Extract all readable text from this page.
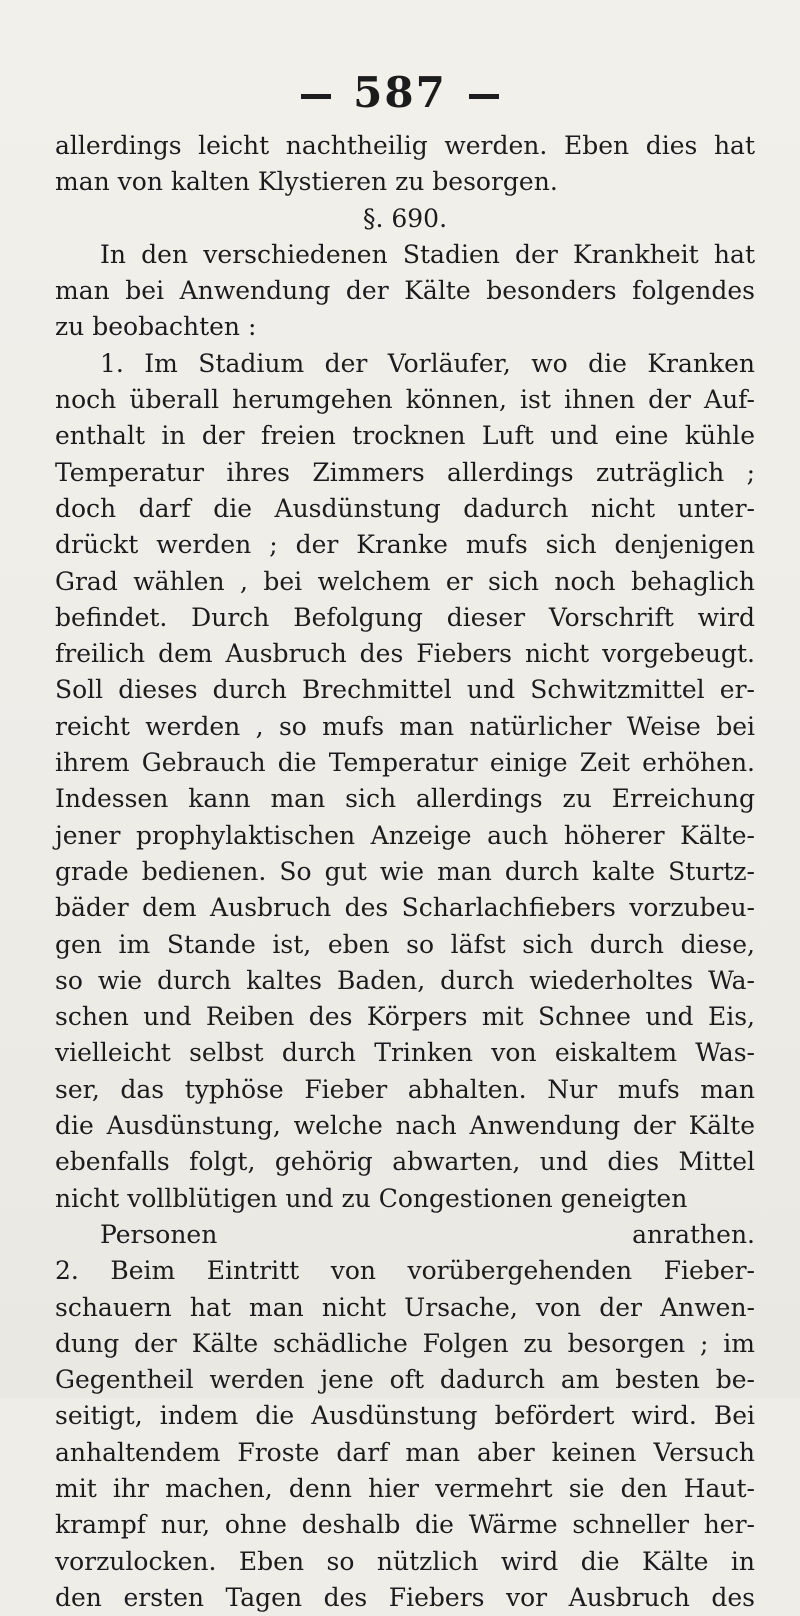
587
allerdings leicht nachtheilig werden. Eben dies hat
man von kalten Klystieren zu besorgen.
§. 690.
In den verschiedenen Stadien der Krankheit hat
man bei Anwendung der Kälte besonders folgendes
zu beobachten :
1. Im Stadium der Vorläufer, wo die Kranken
noch überall herumgehen können, ist ihnen der Auf-
enthalt in der freien trocknen Luft und eine kühle
Temperatur ihres Zimmers allerdings zuträglich ;
doch darf die Ausdünstung dadurch nicht unter-
drückt werden ; der Kranke mufs sich denjenigen
Grad wählen , bei welchem er sich noch behaglich
befindet. Durch Befolgung dieser Vorschrift wird
freilich dem Ausbruch des Fiebers nicht vorgebeugt.
Soll dieses durch Brechmittel und Schwitzmittel er-
reicht werden , so mufs man natürlicher Weise bei
ihrem Gebrauch die Temperatur einige Zeit erhöhen.
Indessen kann man sich allerdings zu Erreichung
jener prophylaktischen Anzeige auch höherer Kälte-
grade bedienen. So gut wie man durch kalte Sturtz-
bäder dem Ausbruch des Scharlachfiebers vorzubeu-
gen im Stande ist, eben so läfst sich durch diese,
so wie durch kaltes Baden, durch wiederholtes Wa-
schen und Reiben des Körpers mit Schnee und Eis,
vielleicht selbst durch Trinken von eiskaltem Was-
ser, das typhöse Fieber abhalten. Nur mufs man
die Ausdünstung, welche nach Anwendung der Kälte
ebenfalls folgt, gehörig abwarten, und dies Mittel
nicht vollblütigen und zu Congestionen geneigten
Personen anrathen.
2. Beim Eintritt von vorübergehenden Fieber-
schauern hat man nicht Ursache, von der Anwen-
dung der Kälte schädliche Folgen zu besorgen ; im
Gegentheil werden jene oft dadurch am besten be-
seitigt, indem die Ausdünstung befördert wird. Bei
anhaltendem Froste darf man aber keinen Versuch
mit ihr machen, denn hier vermehrt sie den Haut-
krampf nur, ohne deshalb die Wärme schneller her-
vorzulocken. Eben so nützlich wird die Kälte in
den ersten Tagen des Fiebers vor Ausbruch des
